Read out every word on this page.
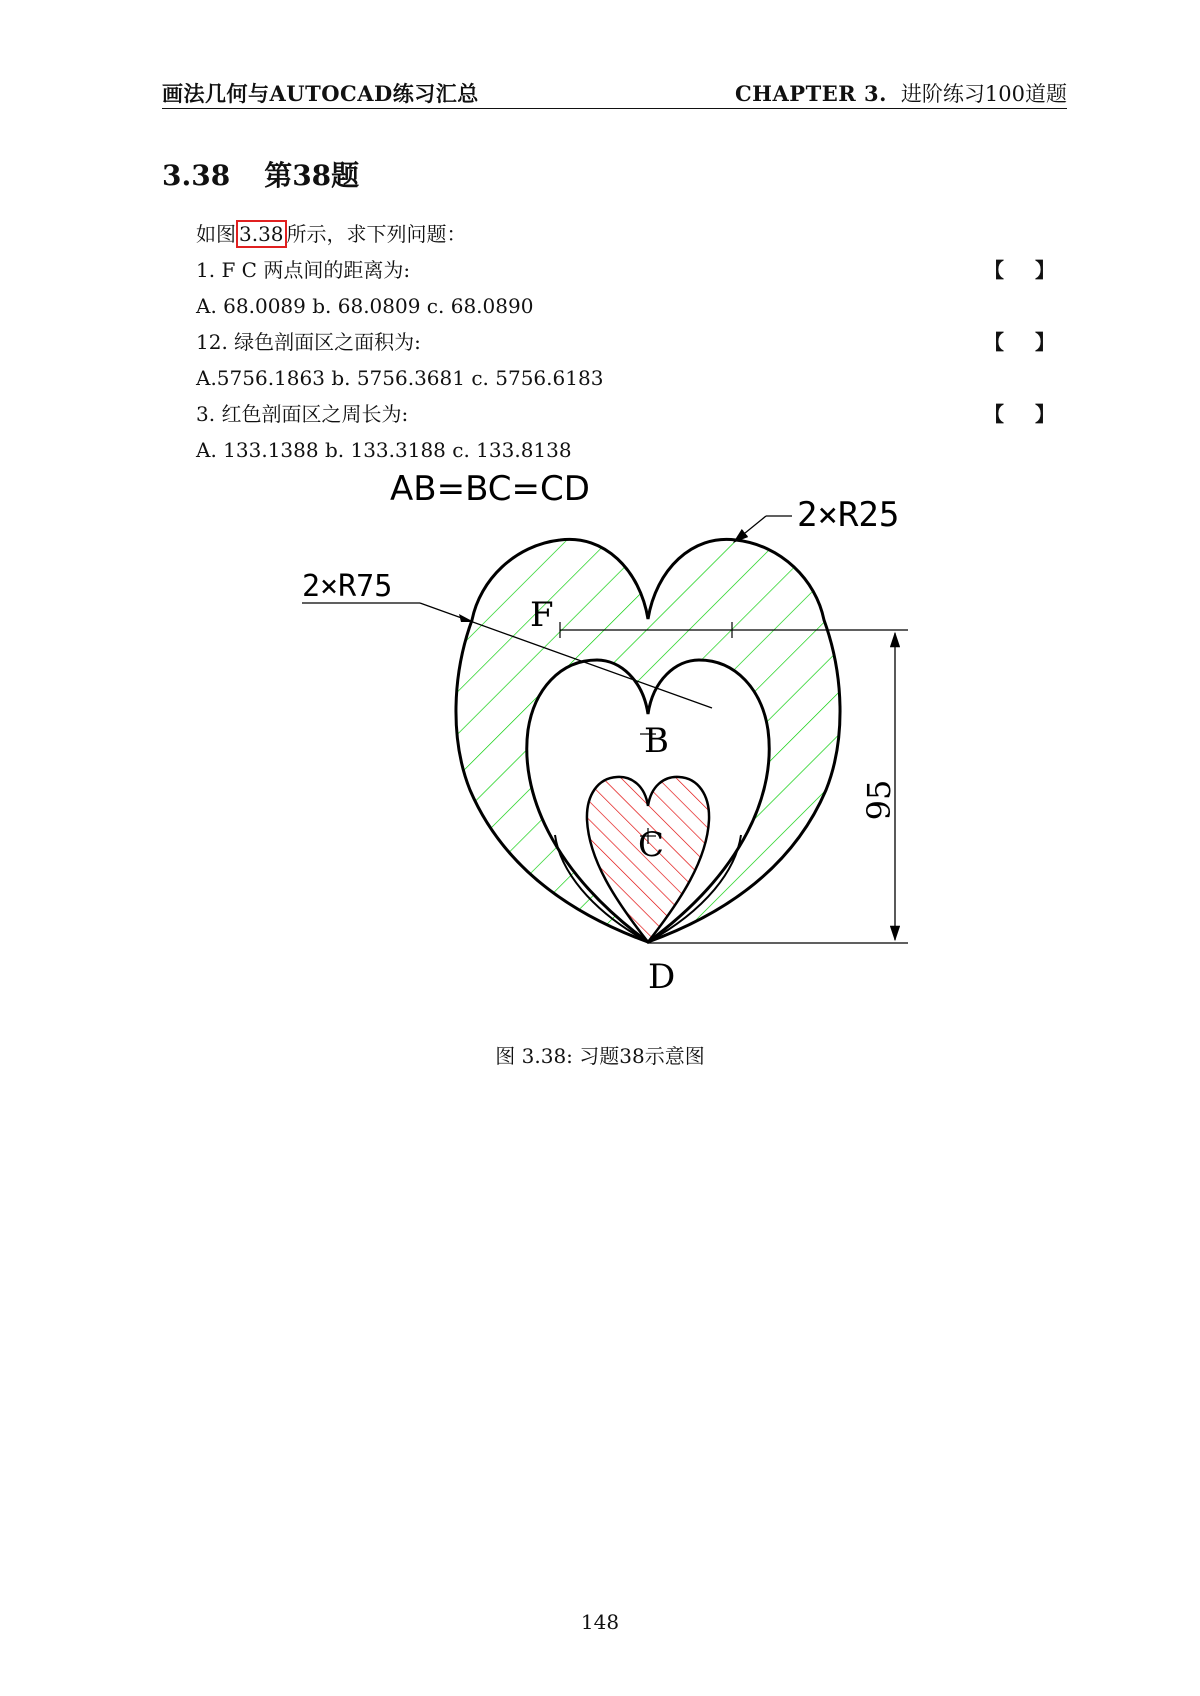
画法几何与AUTOCAD练习汇总	CHAPTER 3. 进阶练习100道题
3.38 第38题
如图 3.38 所示，求下列问题：
1. F C 两点间的距离为:	【 】
A. 68.0089 b. 68.0809 c. 68.0890
12. 绿色剖面区之面积为:	【 】
A.5756.1863 b. 5756.3681 c. 5756.6183
3. 红色剖面区之周长为:	【 】
A. 133.1388 b. 133.3188 c. 133.8138
AB=BC=CD
2×R25
2×R75
F
B
C
D
95
图 3.38: 习题38示意图
148
